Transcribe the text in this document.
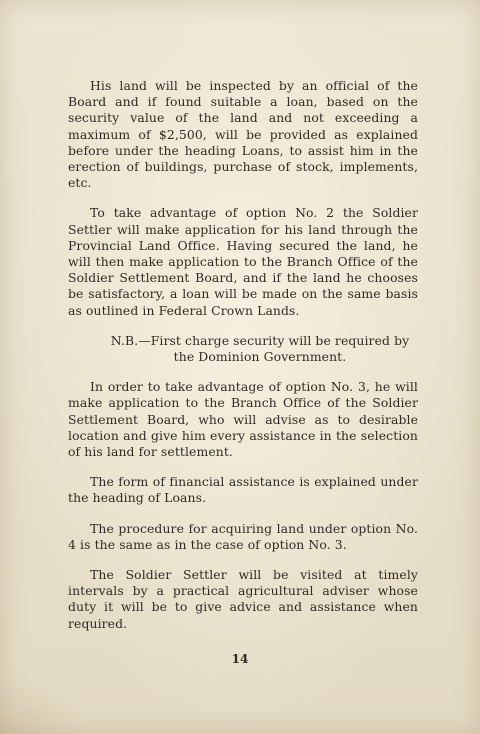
His land will be inspected by an official of the Board and if found suitable a loan, based on the security value of the land and not exceeding a maximum of $2,500, will be provided as explained before under the heading Loans, to assist him in the erection of buildings, purchase of stock, implements, etc.

To take advantage of option No. 2 the Soldier Settler will make application for his land through the Provincial Land Office. Having secured the land, he will then make application to the Branch Office of the Soldier Settlement Board, and if the land he chooses be satisfactory, a loan will be made on the same basis as outlined in Federal Crown Lands.

N.B.—First charge security will be required by the Dominion Government.

In order to take advantage of option No. 3, he will make application to the Branch Office of the Soldier Settlement Board, who will advise as to desirable location and give him every assistance in the selection of his land for settlement.

The form of financial assistance is explained under the heading of Loans.

The procedure for acquiring land under option No. 4 is the same as in the case of option No. 3.

The Soldier Settler will be visited at timely intervals by a practical agricultural adviser whose duty it will be to give advice and assistance when required.

14
